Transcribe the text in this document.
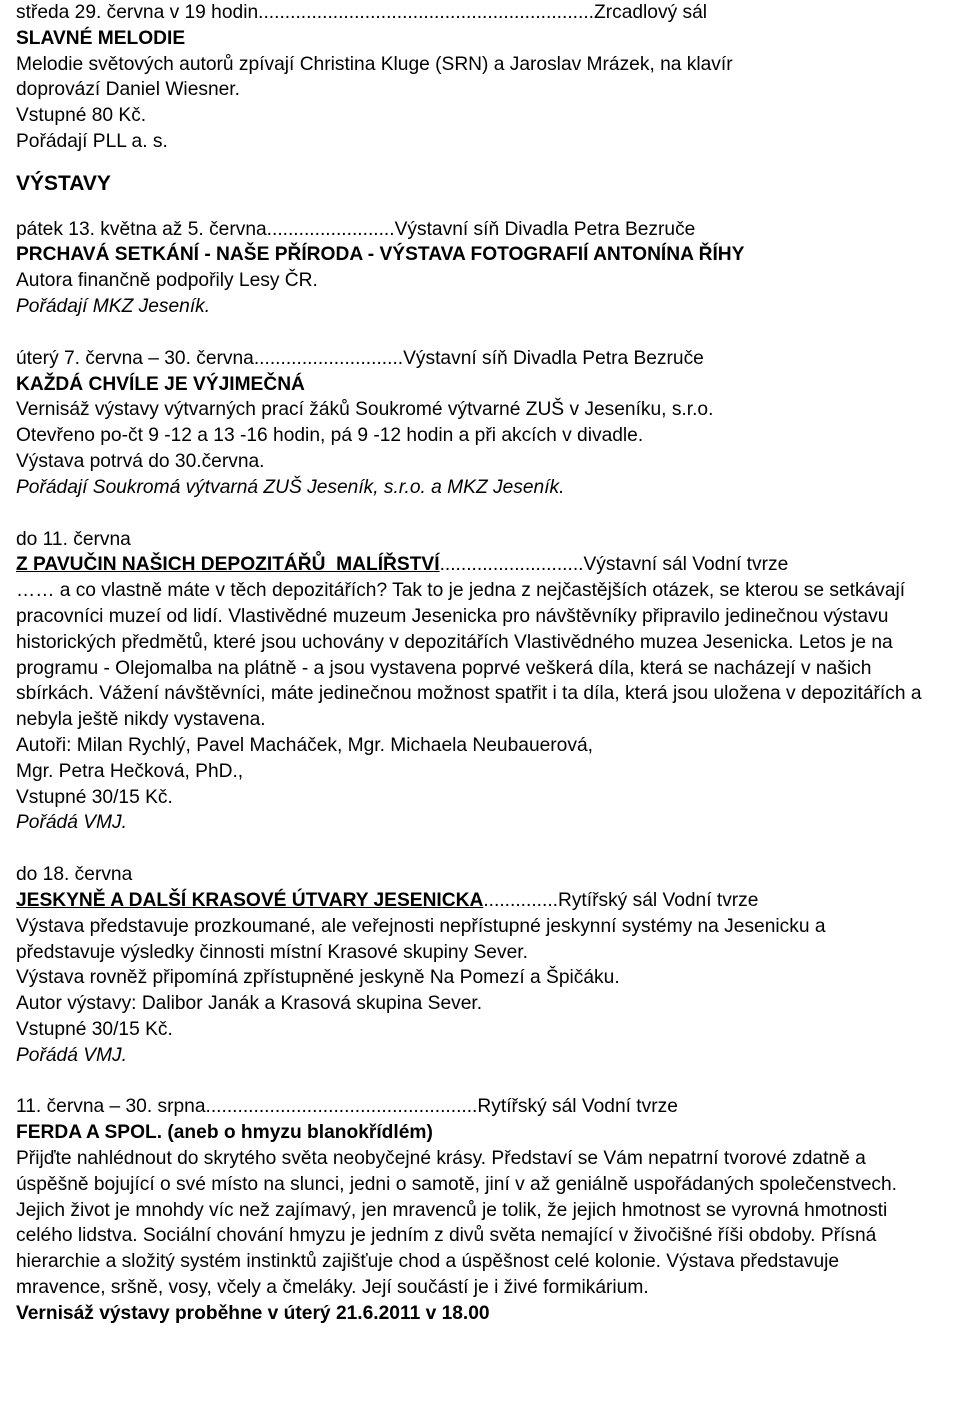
středa 29. června v 19 hodin...............................................................Zrcadlový sál
SLAVNÉ MELODIE
Melodie světových autorů zpívají Christina Kluge (SRN) a Jaroslav Mrázek, na klavír
doprovází Daniel Wiesner.
Vstupné 80 Kč.
Pořádají PLL a. s.
VÝSTAVY
pátek 13. května až 5. června........................Výstavní síň Divadla Petra Bezruče
PRCHAVÁ SETKÁNÍ - NAŠE PŘÍRODA - VÝSTAVA FOTOGRAFIÍ ANTONÍNA ŘÍHY
Autora finančně podpořily Lesy ČR.
Pořádají MKZ Jeseník.
úterý 7. června – 30. června............................Výstavní síň Divadla Petra Bezruče
KAŽDÁ CHVÍLE JE VÝJIMEČNÁ
Vernisáž výstavy výtvarných prací žáků Soukromé výtvarné ZUŠ v Jeseníku, s.r.o.
Otevřeno po-čt 9 -12 a 13 -16 hodin, pá 9 -12 hodin a při akcích v divadle.
Výstava potrvá do 30.června.
Pořádají Soukromá výtvarná ZUŠ Jeseník, s.r.o. a MKZ Jeseník.
do 11. června
Z PAVUČIN NAŠICH DEPOZITÁŘŮ  MALÍŘSTVÍ...........................Výstavní sál Vodní tvrze
…… a co vlastně máte v těch depozitářích? Tak to je jedna z nejčastějších otázek, se kterou se setkávají pracovníci muzeí od lidí. Vlastivědné muzeum Jesenicka pro návštěvníky připravilo jedinečnou výstavu historických předmětů, které jsou uchovány v depozitářích Vlastivědného muzea Jesenicka. Letos je na programu - Olejomalba na plátně - a jsou vystavena poprvé veškerá díla, která se nacházejí v našich sbírkách. Vážení návštěvníci, máte jedinečnou možnost spatřit i ta díla, která jsou uložena v depozitářích a nebyla ještě nikdy vystavena.
Autoři: Milan Rychlý, Pavel Macháček, Mgr. Michaela Neubauerová,
Mgr. Petra Hečková, PhD.,
Vstupné 30/15 Kč.
Pořádá VMJ.
do 18. června
JESKYNĚ A DALŠÍ KRASOVÉ ÚTVARY JESENICKA..............Rytířský sál Vodní tvrze
Výstava představuje prozkoumané, ale veřejnosti nepřístupné jeskynní systémy na Jesenicku a představuje výsledky činnosti místní Krasové skupiny Sever.
Výstava rovněž připomíná zpřístupněné jeskyně Na Pomezí a Špičáku.
Autor výstavy: Dalibor Janák a Krasová skupina Sever.
Vstupné 30/15 Kč.
Pořádá VMJ.
11. června – 30. srpna...................................................Rytířský sál Vodní tvrze
FERDA A SPOL. (aneb o hmyzu blanokřídlém)
Přijďte nahlédnout do skrytého světa neobyčejné krásy. Představí se Vám nepatrní tvorové zdatně a úspěšně bojující o své místo na slunci, jedni o samotě, jiní v až geniálně uspořádaných společenstvech. Jejich život je mnohdy víc než zajímavý, jen mravenců je tolik, že jejich hmotnost se vyrovná hmotnosti celého lidstva. Sociální chování hmyzu je jedním z divů světa nemající v živočišné říši obdoby. Přísná hierarchie a složitý systém instinktů zajišťuje chod a úspěšnost celé kolonie. Výstava představuje mravence, sršně, vosy, včely a čmeláky. Její součástí je i živé formikárium.
Vernisáž výstavy proběhne v úterý 21.6.2011 v 18.00
